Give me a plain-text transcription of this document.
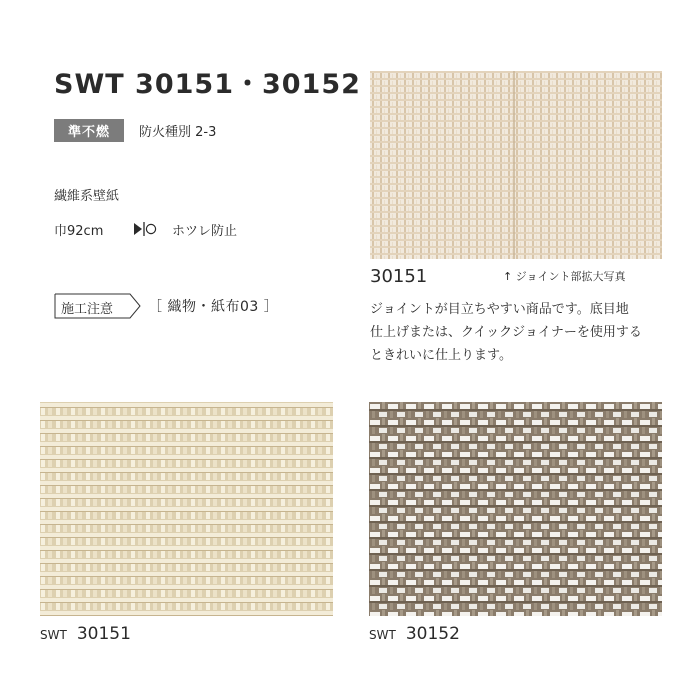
SWT 30151・30152
準不燃	防火種別 2-3
繊維系壁紙
巾92cm	ホツレ防止
施工注意 ［ 織物・紙布03 ］
30151	↑ ジョイント部拡大写真
ジョイントが目立ちやすい商品です。底目地
仕上げまたは、クイックジョイナーを使用する
ときれいに仕上ります。
SWT 30151	SWT 30152
